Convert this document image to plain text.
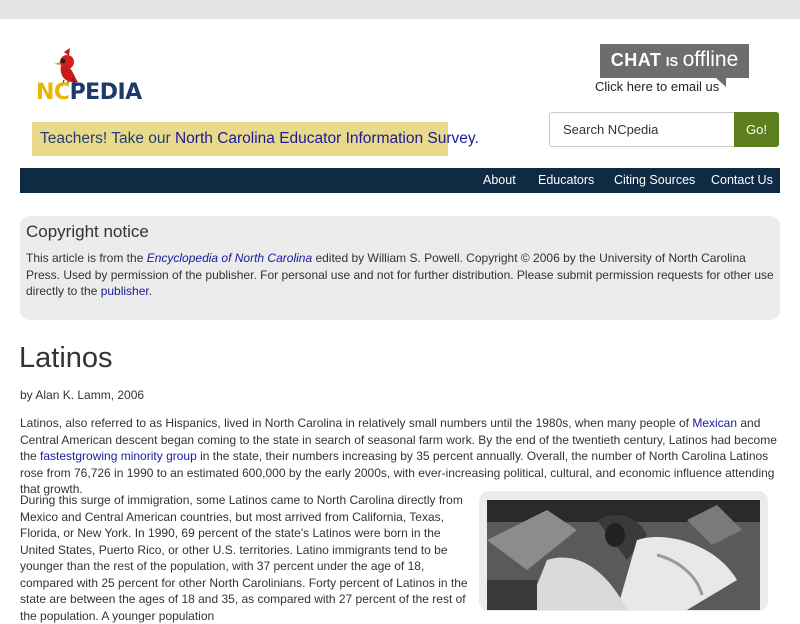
NCPEDIA
Teachers! Take our North Carolina Educator Information Survey.
CHAT IS offline
Click here to email us
Search NCpedia
Go!
About Educators Citing Sources Contact Us
Copyright notice

This article is from the Encyclopedia of North Carolina edited by William S. Powell. Copyright © 2006 by the University of North Carolina Press. Used by permission of the publisher. For personal use and not for further distribution. Please submit permission requests for other use directly to the publisher.

Latinos
by Alan K. Lamm, 2006

Latinos, also referred to as Hispanics, lived in North Carolina in relatively small numbers until the 1980s, when many people of Mexican and Central American descent began coming to the state in search of seasonal farm work. By the end of the twentieth century, Latinos had become the fastestgrowing minority group in the state, their numbers increasing by 35 percent annually. Overall, the number of North Carolina Latinos rose from 76,726 in 1990 to an estimated 600,000 by the early 2000s, with ever-increasing political, cultural, and economic influence attending that growth.

During this surge of immigration, some Latinos came to North Carolina directly from Mexico and Central American countries, but most arrived from California, Texas, Florida, or New York. In 1990, 69 percent of the state's Latinos were born in the United States, Puerto Rico, or other U.S. territories. Latino immigrants tend to be younger than the rest of the population, with 37 percent under the age of 18, compared with 25 percent for other North Carolinians. Forty percent of Latinos in the state are between the ages of 18 and 35, as compared with 27 percent of the rest of the population. A younger population
